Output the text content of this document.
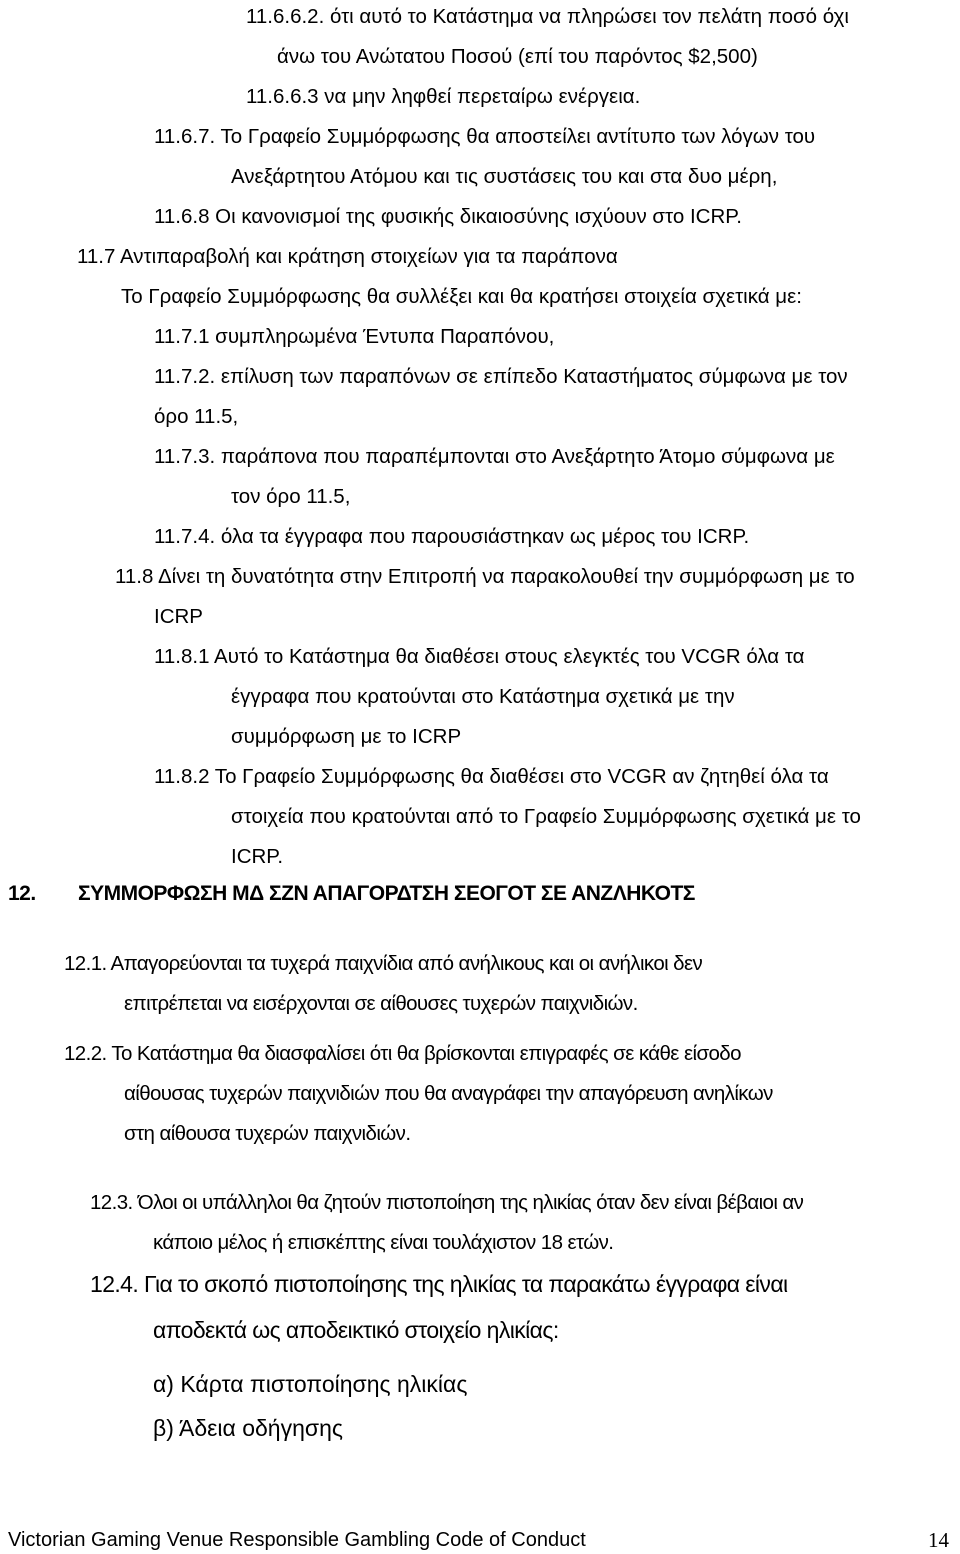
11.6.6.2. ότι αυτό το Κατάστημα να πληρώσει τον πελάτη ποσό όχι
άνω του Ανώτατου Ποσού (επί του παρόντος $2,500)
11.6.6.3 να μην ληφθεί περεταίρω ενέργεια.
11.6.7. Το Γραφείο Συμμόρφωσης θα αποστείλει αντίτυπο των λόγων του
Ανεξάρτητου Ατόμου και τις συστάσεις του και στα δυο μέρη,
11.6.8 Οι κανονισμοί της φυσικής δικαιοσύνης ισχύουν στο ICRP.
11.7 Αντιπαραβολή και κράτηση στοιχείων για τα παράπονα
Το Γραφείο Συμμόρφωσης θα συλλέξει και θα κρατήσει στοιχεία σχετικά με:
11.7.1 συμπληρωμένα Έντυπα Παραπόνου,
11.7.2. επίλυση των παραπόνων σε επίπεδο Καταστήματος σύμφωνα με τον
όρο 11.5,
11.7.3. παράπονα που παραπέμπονται στο Ανεξάρτητο Άτομο σύμφωνα με
τον όρο 11.5,
11.7.4. όλα τα έγγραφα που παρουσιάστηκαν ως μέρος του ICRP.
11.8 Δίνει τη δυνατότητα στην Επιτροπή να παρακολουθεί την συμμόρφωση με το
ICRP
11.8.1 Αυτό το Κατάστημα θα διαθέσει στους ελεγκτές του VCGR όλα τα
έγγραφα που κρατούνται στο Κατάστημα σχετικά με την
συμμόρφωση με το ICRP
11.8.2 Το Γραφείο Συμμόρφωσης θα διαθέσει στο VCGR αν ζητηθεί όλα τα
στοιχεία που κρατούνται από το Γραφείο Συμμόρφωσης σχετικά με το
ICRP.
12. ΣΥΜΜΟΡΦΩΣΗ ΜΔ ΣΖΝ ΑΠΑΓΟΡΔΤΣΗ ΣΕΟΓΟΤ ΣΕ ΑΝΖΛΗΚΟΤΣ
12.1. Απαγορεύονται τα τυχερά παιχνίδια από ανήλικους και οι ανήλικοι δεν
επιτρέπεται να εισέρχονται σε αίθουσες τυχερών παιχνιδιών.
12.2. Το Κατάστημα θα διασφαλίσει ότι θα βρίσκονται επιγραφές σε κάθε είσοδο
αίθουσας τυχερών παιχνιδιών που θα αναγράφει την απαγόρευση ανηλίκων
στη αίθουσα τυχερών παιχνιδιών.
12.3. Όλοι οι υπάλληλοι θα ζητούν πιστοποίηση της ηλικίας όταν δεν είναι βέβαιοι αν
κάποιο μέλος ή επισκέπτης είναι τουλάχιστον 18 ετών.
12.4. Για το σκοπό πιστοποίησης της ηλικίας τα παρακάτω έγγραφα είναι
αποδεκτά ως αποδεικτικό στοιχείο ηλικίας:
α) Κάρτα πιστοποίησης ηλικίας
β) Άδεια οδήγησης
Victorian Gaming Venue Responsible Gambling Code of Conduct	14
